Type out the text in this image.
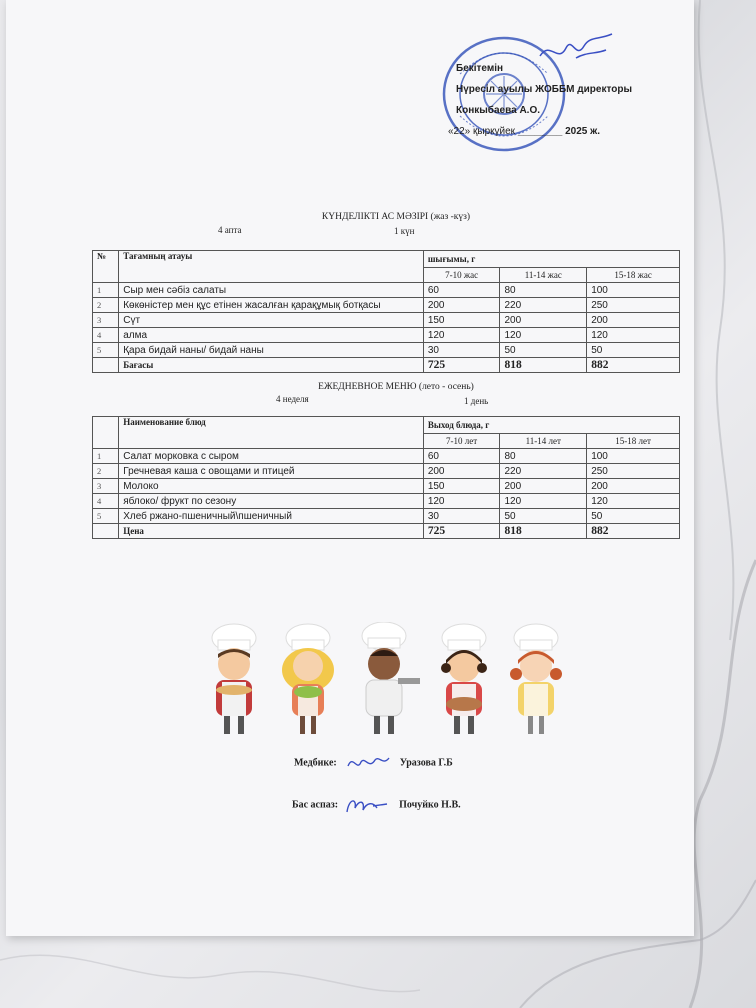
Бекітемін
Нүресіл ауылы ЖОББМ директоры
Конкыбаева А.О.
«22» қыркүйек ________ 2025 ж.
КҮНДЕЛІКТІ АС МӘЗІРІ (жаз -күз)
4 апта	1 күн
№	Тағамның атауы	шығымы, г		
		7-10 жас	11-14 жас	15-18 жас
1	Сыр мен сәбіз салаты	60	80	100
2	Көкөністер мен құс етінен жасалған қарақұмық ботқасы	200	220	250
3	Сүт	150	200	200
4	алма	120	120	120
5	Қара бидай наны/ бидай наны	30	50	50
	Бағасы	725	818	882
ЕЖЕДНЕВНОЕ МЕНЮ (лето - осень)
4 неделя	1 день
	Наименование блюд	Выход блюда, г		
		7-10 лет	11-14 лет	15-18 лет
1	Салат морковка с сыром	60	80	100
2	Гречневая каша с овощами и птицей	200	220	250
3	Молоко	150	200	200
4	яблоко/ фрукт по сезону	120	120	120
5	Хлеб ржано-пшеничный\пшеничный	30	50	50
	Цена	725	818	882
Медбике:	Уразова Г.Б
Бас аспаз:	Почуйко Н.В.
